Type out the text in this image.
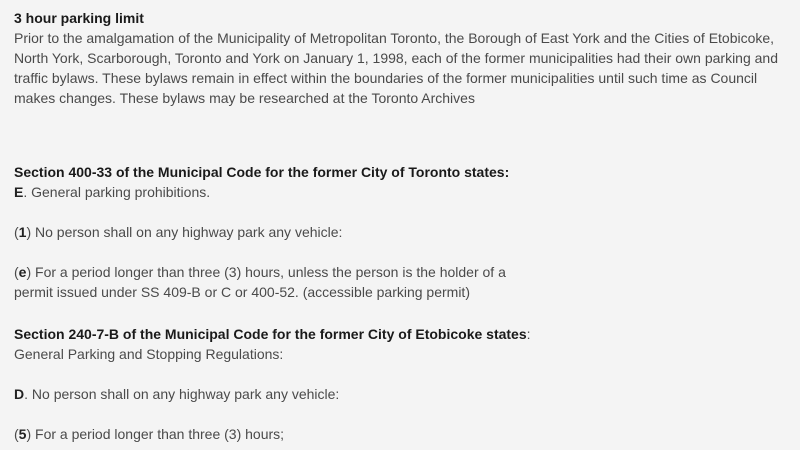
3 hour parking limit

Prior to the amalgamation of the Municipality of Metropolitan Toronto, the Borough of East York and the Cities of Etobicoke,

North York, Scarborough, Toronto and York on January 1, 1998, each of the former municipalities had their own parking and

traffic bylaws. These bylaws remain in effect within the boundaries of the former municipalities until such time as Council

makes changes. These bylaws may be researched at the Toronto Archives

Section 400-33 of the Municipal Code for the former City of Toronto states:

E. General parking prohibitions.

(1) No person shall on any highway park any vehicle:

(e) For a period longer than three (3) hours, unless the person is the holder of a

permit issued under SS 409-B or C or 400-52. (accessible parking permit)

Section 240-7-B of the Municipal Code for the former City of Etobicoke states:

General Parking and Stopping Regulations:

D. No person shall on any highway park any vehicle:

(5) For a period longer than three (3) hours;
